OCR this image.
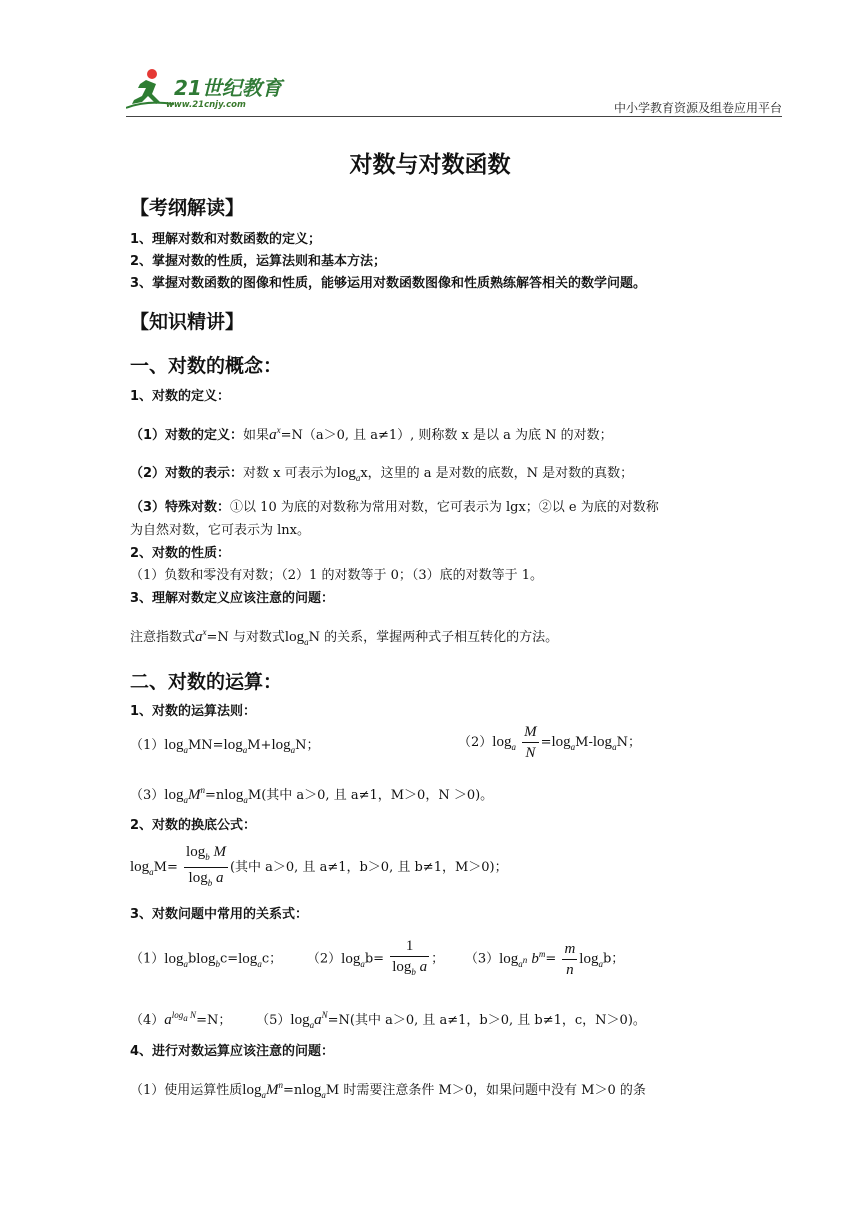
21世纪教育
www.21cnjy.com	中小学教育资源及组卷应用平台
对数与对数函数
【考纲解读】
1、理解对数和对数函数的定义；
2、掌握对数的性质，运算法则和基本方法；
3、掌握对数函数的图像和性质，能够运用对数函数图像和性质熟练解答相关的数学问题。
【知识精讲】
一、对数的概念：
1、对数的定义：
（1）对数的定义：如果$a^x=N(a>0$, 且 a≠1）, 则称数 x 是以 a 为底 N 的对数；
（2）对数的表示：对数 x 可表示为$\log_ax$，这里的 a 是对数的底数，N 是对数的真数；
（3）特殊对数：①以 10 为底的对数称为常用对数，它可表示为 lgx；②以 e 为底的对数称
为自然对数，它可表示为 lnx。
2、对数的性质：
（1）负数和零没有对数；（2）1 的对数等于 0；（3）底的对数等于 1。
3、理解对数定义应该注意的问题：
注意指数式$a^x=N$ 与对数式$\log_aN$ 的关系，掌握两种式子相互转化的方法。
二、对数的运算：
1、对数的运算法则：
$(1)\log_aMN=\log_aM+\log_aN$；	$(2)\log_a \frac{M}{N} =\log_aM-\log_aN$；
$(3)\log_aM^n=nlog_aM$(其中 a＞0, 且 a≠1，M＞0，N ＞0)。
2、对数的换底公式：
$\log_aM= \frac{\log_b M}{\log_b a}$ (其中 a＞0, 且 a≠1，b＞0, 且 b≠1，M＞0)；
3、对数问题中常用的关系式：
$(1)\log_ablog_bc=\log_ac$； $(2)\log_ab= \frac{1}{\log_b a}$ ； $(3)\log_{a^n}$ $b^m= \frac{m}{n} \log_ab$；
$(4)a^{log_a N}=N$； $(5)\log_aa^N=N$(其中 a＞0, 且 a≠1，b＞0, 且 b≠1，c，N＞0)。
4、进行对数运算应该注意的问题：
（1）使用运算性质$\log_aM^n=nlog_aM$ 时需要注意条件 M＞0，如果问题中没有 M＞0 的条
